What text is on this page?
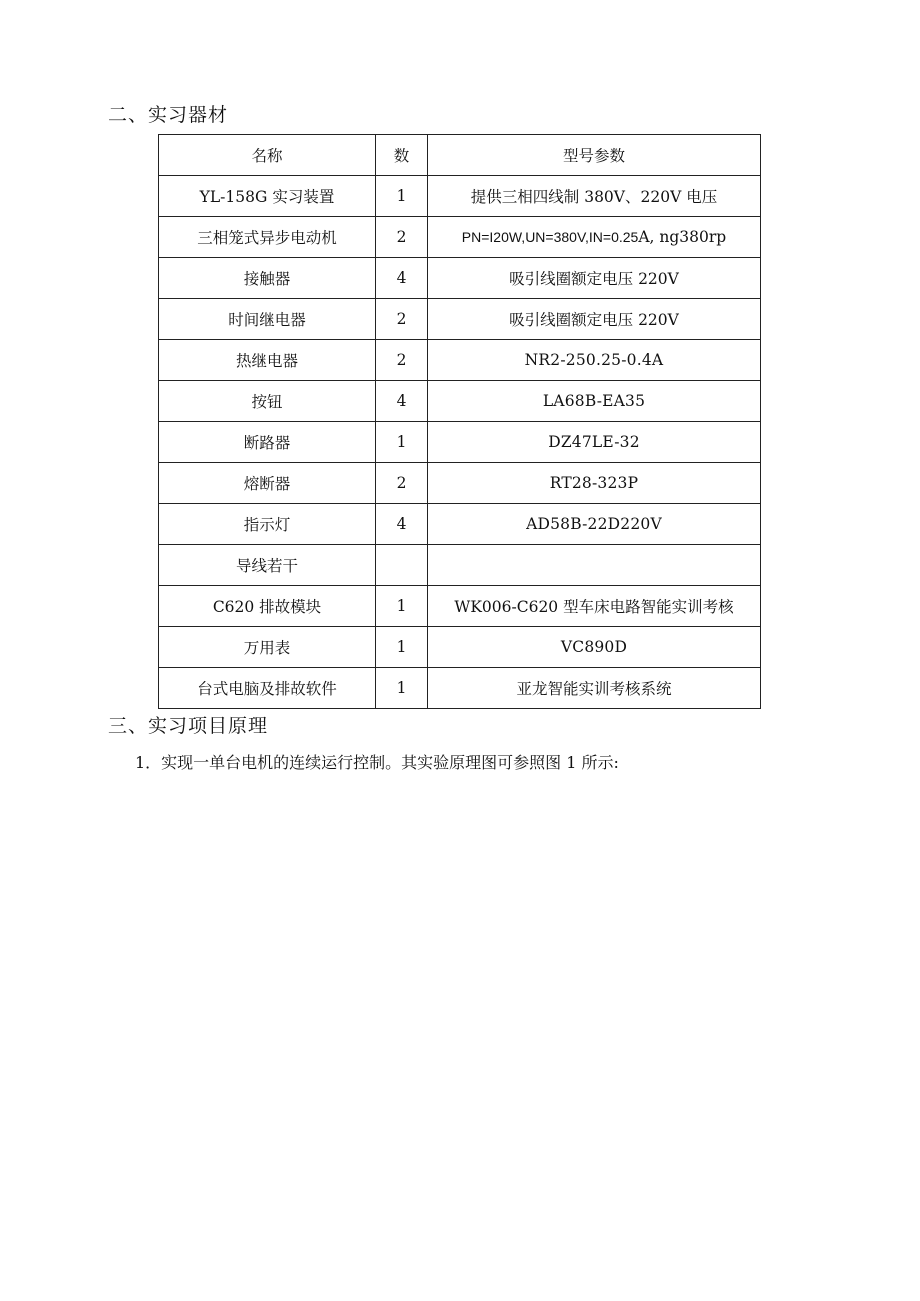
二、实习器材
名称	数	型号参数
YL-158G 实习装置	1	提供三相四线制 380V、220V 电压
三相笼式异步电动机	2	PN=I20W,UN=380V,IN=0.25A, ng380rp
接触器	4	吸引线圈额定电压 220V
时间继电器	2	吸引线圈额定电压 220V
热继电器	2	NR2-250.25-0.4A
按钮	4	LA68B-EA35
断路器	1	DZ47LE-32
熔断器	2	RT28-323P
指示灯	4	AD58B-22D220V
导线若干		
C620 排故模块	1	WK006-C620 型车床电路智能实训考核
万用表	1	VC890D
台式电脑及排故软件	1	亚龙智能实训考核系统
三、实习项目原理
1．实现一单台电机的连续运行控制。其实验原理图可参照图 1 所示:
